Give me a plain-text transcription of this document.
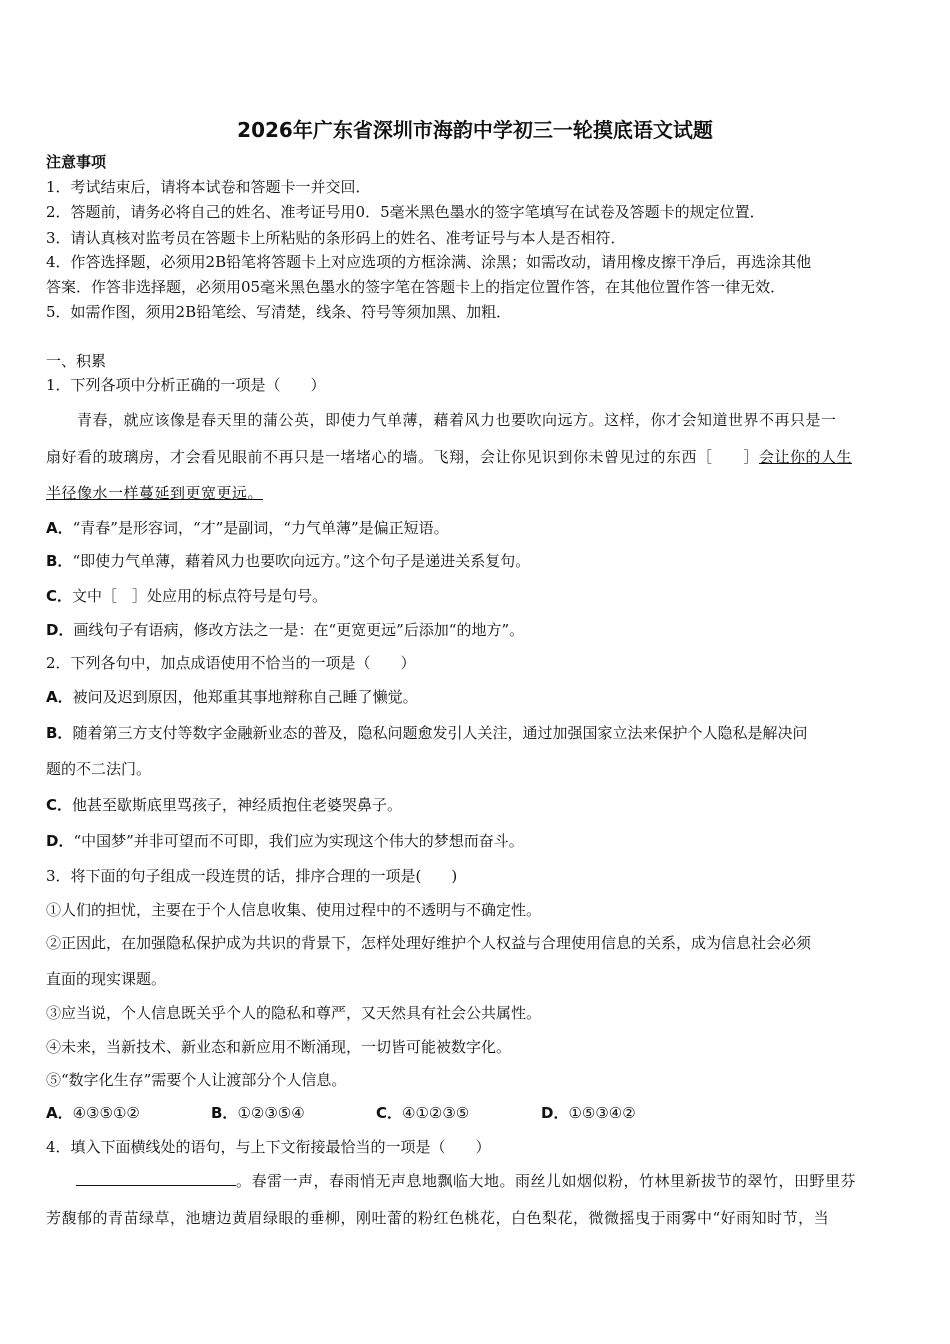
2026年广东省深圳市海韵中学初三一轮摸底语文试题
注意事项
1．考试结束后，请将本试卷和答题卡一并交回．
2．答题前，请务必将自己的姓名、准考证号用0．5毫米黑色墨水的签字笔填写在试卷及答题卡的规定位置．
3．请认真核对监考员在答题卡上所粘贴的条形码上的姓名、准考证号与本人是否相符．
4．作答选择题，必须用2B铅笔将答题卡上对应选项的方框涂满、涂黑；如需改动，请用橡皮擦干净后，再选涂其他
答案．作答非选择题，必须用05毫米黑色墨水的签字笔在答题卡上的指定位置作答，在其他位置作答一律无效．
5．如需作图，须用2B铅笔绘、写清楚，线条、符号等须加黑、加粗．
一、积累
1．下列各项中分析正确的一项是（　　）
　　青春，就应该像是春天里的蒲公英，即使力气单薄，藉着风力也要吹向远方。这样，你才会知道世界不再只是一
扇好看的玻璃房，才会看见眼前不再只是一堵堵心的墙。飞翔，会让你见识到你未曾见过的东西［　　］会让你的人生
半径像水一样蔓延到更宽更远。
A．“青春”是形容词，“才”是副词，“力气单薄”是偏正短语。
B．“即使力气单薄，藉着风力也要吹向远方。”这个句子是递进关系复句。
C．文中［　］处应用的标点符号是句号。
D．画线句子有语病，修改方法之一是：在“更宽更远”后添加“的地方”。
2．下列各句中，加点成语使用不恰当的一项是（　　）
A．被问及迟到原因，他郑重其事地辩称自己睡了懒觉。
B．随着第三方支付等数字金融新业态的普及，隐私问题愈发引人关注，通过加强国家立法来保护个人隐私是解决问
题的不二法门。
C．他甚至歇斯底里骂孩子，神经质抱住老婆哭鼻子。
D．“中国梦”并非可望而不可即，我们应为实现这个伟大的梦想而奋斗。
3．将下面的句子组成一段连贯的话，排序合理的一项是(　　)
①人们的担忧，主要在于个人信息收集、使用过程中的不透明与不确定性。
②正因此，在加强隐私保护成为共识的背景下，怎样处理好维护个人权益与合理使用信息的关系，成为信息社会必须
直面的现实课题。
③应当说，个人信息既关乎个人的隐私和尊严，又天然具有社会公共属性。
④未来，当新技术、新业态和新应用不断涌现，一切皆可能被数字化。
⑤“数字化生存”需要个人让渡部分个人信息。
A．④③⑤①②	B．①②③⑤④	C．④①②③⑤	D．①⑤③④②
4．填入下面横线处的语句，与上下文衔接最恰当的一项是（　　）
。春雷一声，春雨悄无声息地飘临大地。雨丝儿如烟似粉，竹林里新拔节的翠竹，田野里芬
芳馥郁的青苗绿草，池塘边黄眉绿眼的垂柳，刚吐蕾的粉红色桃花，白色梨花，微微摇曳于雨雾中“好雨知时节，当
